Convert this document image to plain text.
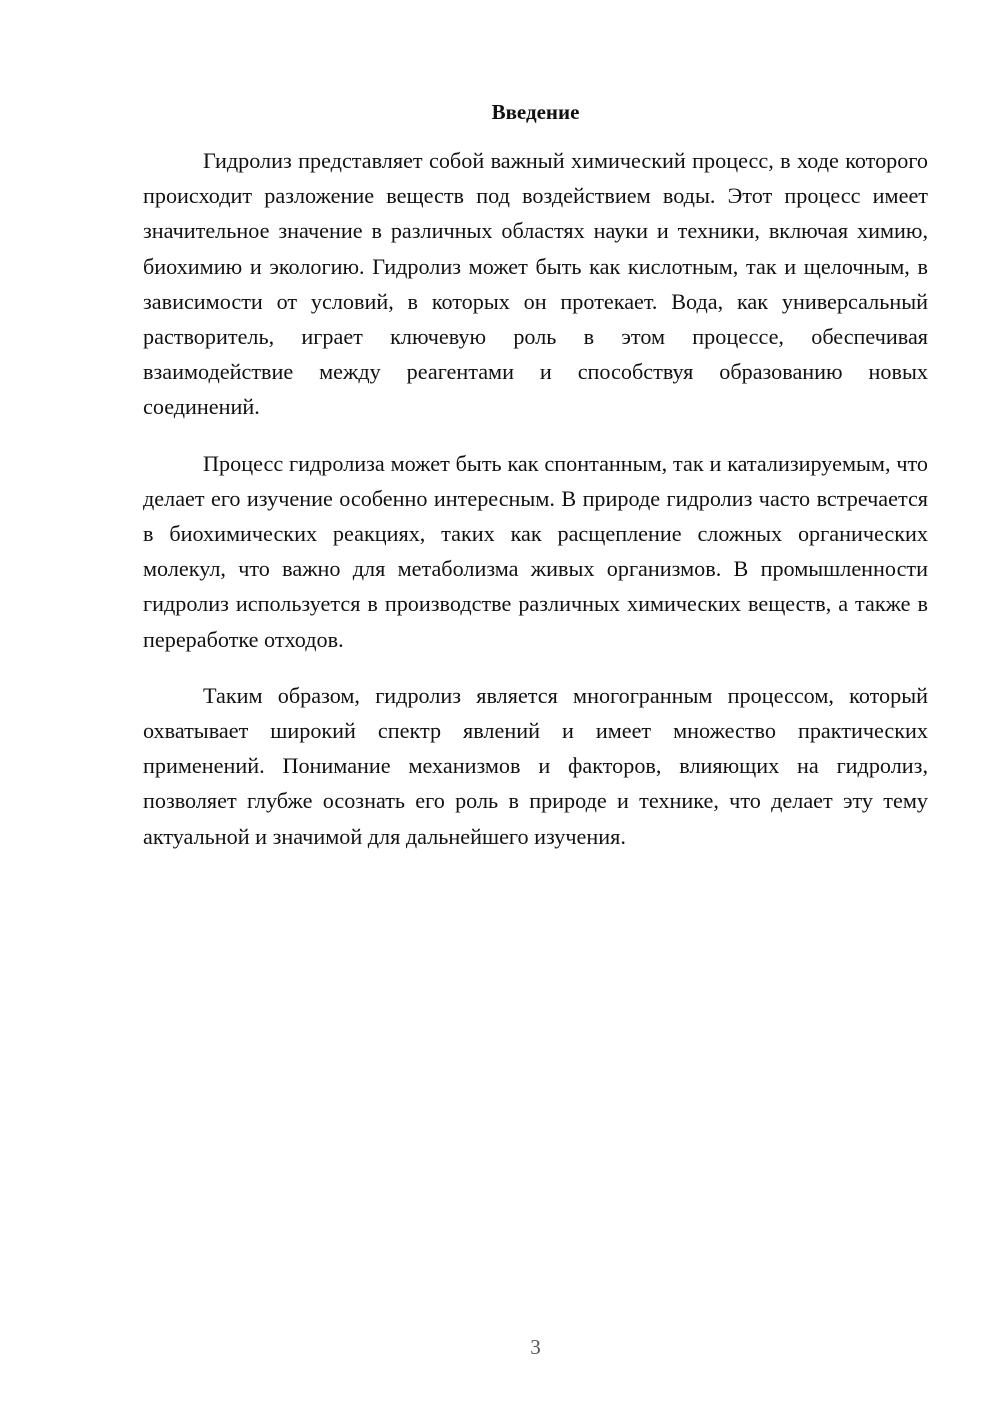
Введение

Гидролиз представляет собой важный химический процесс, в ходе которого происходит разложение веществ под воздействием воды. Этот процесс имеет значительное значение в различных областях науки и техники, включая химию, биохимию и экологию. Гидролиз может быть как кислотным, так и щелочным, в зависимости от условий, в которых он протекает. Вода, как универсальный растворитель, играет ключевую роль в этом процессе, обеспечивая взаимодействие между реагентами и способствуя образованию новых соединений.

Процесс гидролиза может быть как спонтанным, так и катализируемым, что делает его изучение особенно интересным. В природе гидролиз часто встречается в биохимических реакциях, таких как расщепление сложных органических молекул, что важно для метаболизма живых организмов. В промышленности гидролиз используется в производстве различных химических веществ, а также в переработке отходов.

Таким образом, гидролиз является многогранным процессом, который охватывает широкий спектр явлений и имеет множество практических применений. Понимание механизмов и факторов, влияющих на гидролиз, позволяет глубже осознать его роль в природе и технике, что делает эту тему актуальной и значимой для дальнейшего изучения.

3
